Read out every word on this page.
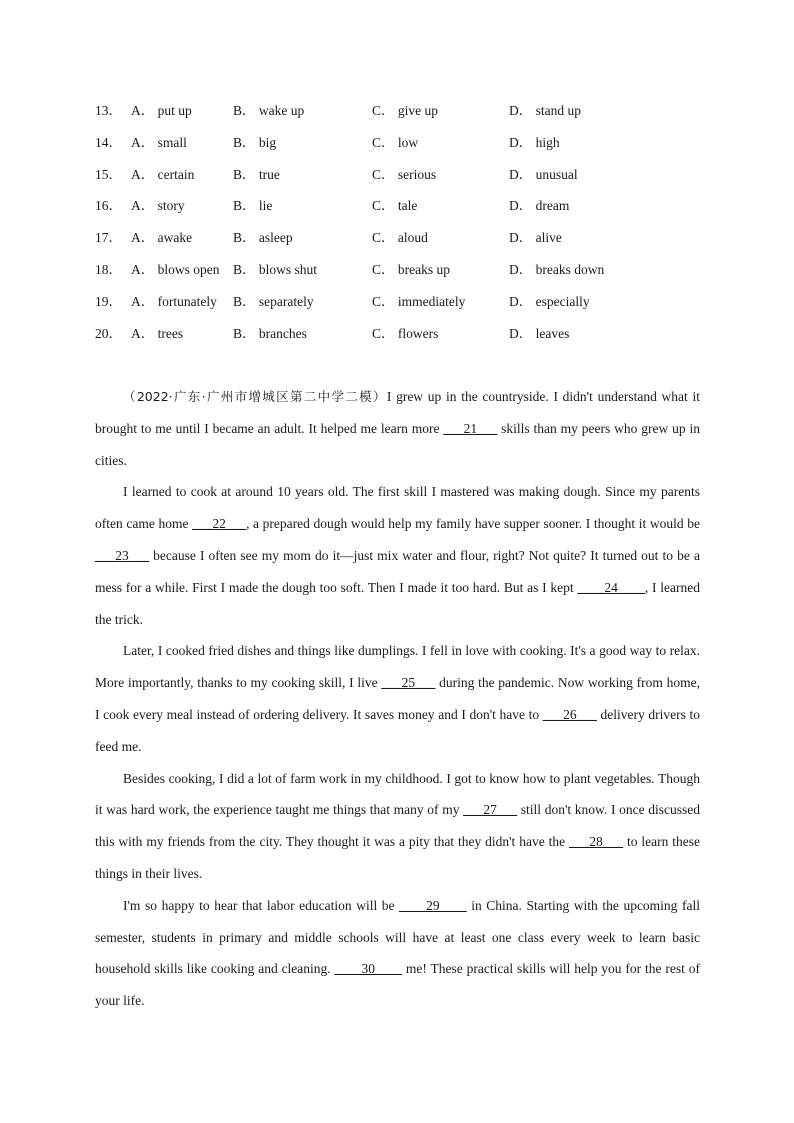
13． A． put up	B． wake up	C． give up	D． stand up
14． A． small	B． big	C． low	D． high
15． A． certain	B． true	C． serious	D． unusual
16． A． story	B． lie	C． tale	D． dream
17． A． awake	B． asleep	C． aloud	D． alive
18． A． blows open B． blows shut	C． breaks up	D． breaks down
19． A． fortunately B． separately	C． immediately	D． especially
20． A． trees	B． branches	C． flowers	D． leaves

（2022·广东·广州市增城区第二中学二模）I grew up in the countryside. I didn't understand what it brought to me until I became an adult. It helped me learn more ___21___ skills than my peers who grew up in cities.

I learned to cook at around 10 years old. The first skill I mastered was making dough. Since my parents often came home ___22___, a prepared dough would help my family have supper sooner. I thought it would be ___23___ because I often see my mom do it—just mix water and flour, right? Not quite? It turned out to be a mess for a while. First I made the dough too soft. Then I made it too hard. But as I kept ____24____, I learned the trick.

Later, I cooked fried dishes and things like dumplings. I fell in love with cooking. It's a good way to relax. More importantly, thanks to my cooking skill, I live ___25___ during the pandemic. Now working from home, I cook every meal instead of ordering delivery. It saves money and I don't have to ___26___ delivery drivers to feed me.

Besides cooking, I did a lot of farm work in my childhood. I got to know how to plant vegetables. Though it was hard work, the experience taught me things that many of my ___27___ still don't know. I once discussed this with my friends from the city. They thought it was a pity that they didn't have the ___28___ to learn these things in their lives.

I'm so happy to hear that labor education will be ____29____ in China. Starting with the upcoming fall semester, students in primary and middle schools will have at least one class every week to learn basic household skills like cooking and cleaning. ____30____ me! These practical skills will help you for the rest of your life.
